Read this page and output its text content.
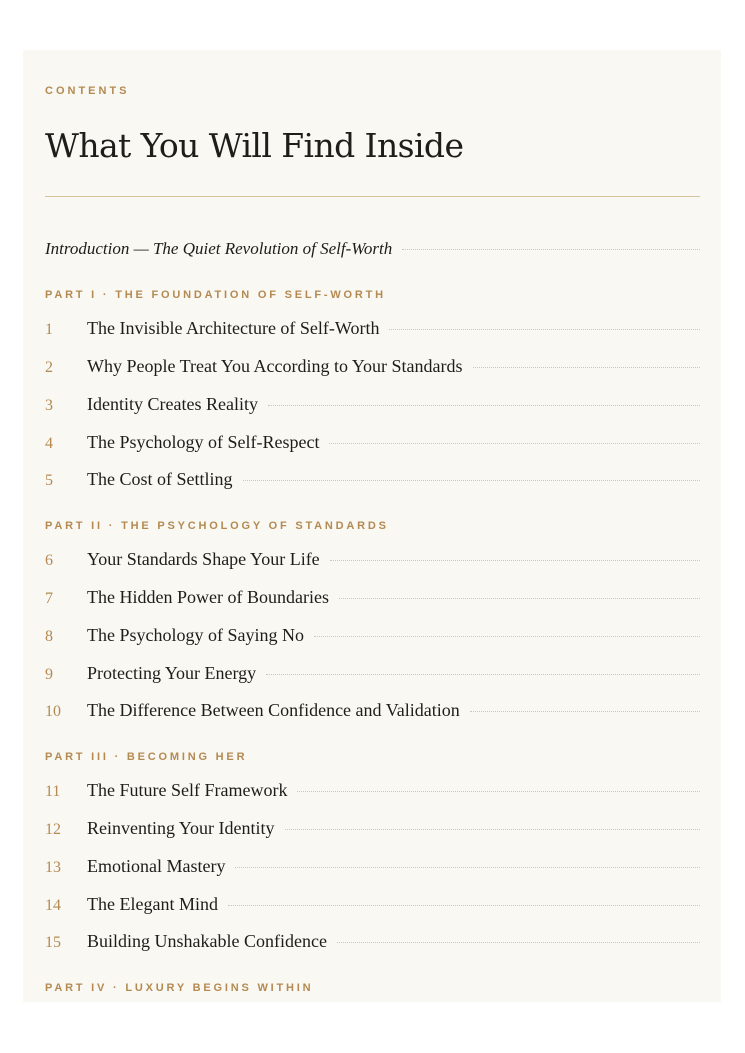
CONTENTS
What You Will Find Inside
Introduction — The Quiet Revolution of Self-Worth
PART I · THE FOUNDATION OF SELF-WORTH
1	The Invisible Architecture of Self-Worth
2	Why People Treat You According to Your Standards
3	Identity Creates Reality
4	The Psychology of Self-Respect
5	The Cost of Settling
PART II · THE PSYCHOLOGY OF STANDARDS
6	Your Standards Shape Your Life
7	The Hidden Power of Boundaries
8	The Psychology of Saying No
9	Protecting Your Energy
10	The Difference Between Confidence and Validation
PART III · BECOMING HER
11	The Future Self Framework
12	Reinventing Your Identity
13	Emotional Mastery
14	The Elegant Mind
15	Building Unshakable Confidence
PART IV · LUXURY BEGINS WITHIN
